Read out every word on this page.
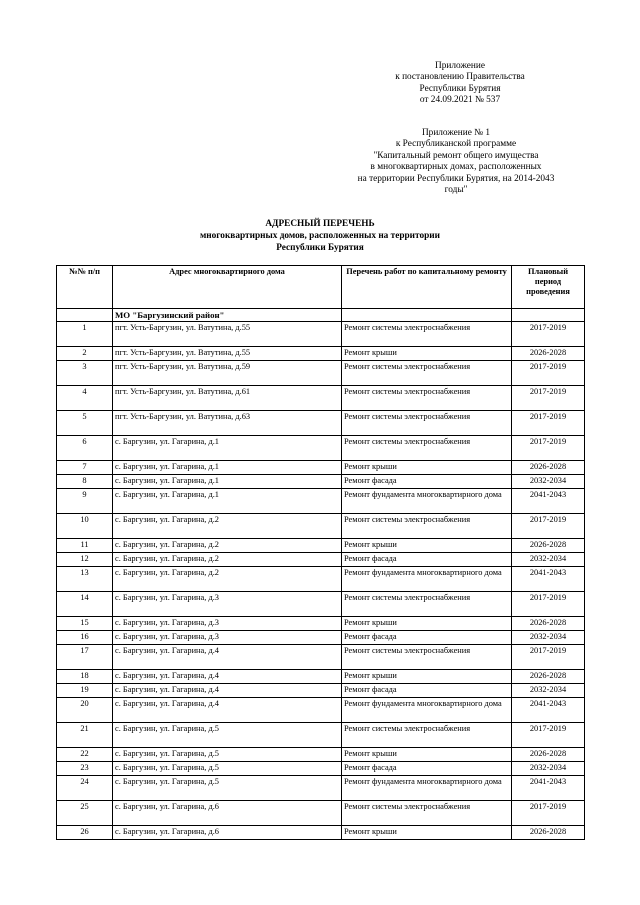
Приложение
к постановлению Правительства
Республики Бурятия
от 24.09.2021 № 537
Приложение № 1
к Республиканской программе
"Капитальный ремонт общего имущества
в многоквартирных домах, расположенных
на территории Республики Бурятия, на 2014-2043
годы"
АДРЕСНЫЙ ПЕРЕЧЕНЬ
многоквартирных домов, расположенных на территории
Республики Бурятия
№№ п/п	Адрес многоквартирного дома	Перечень работ по капитальному ремонту	Плановый период проведения
	МО "Баргузинский район"		
1	пгт. Усть-Баргузин, ул. Ватутина, д.55	Ремонт системы электроснабжения	2017-2019
2	пгт. Усть-Баргузин, ул. Ватутина, д.55	Ремонт крыши	2026-2028
3	пгт. Усть-Баргузин, ул. Ватутина, д.59	Ремонт системы электроснабжения	2017-2019
4	пгт. Усть-Баргузин, ул. Ватутина, д.61	Ремонт системы электроснабжения	2017-2019
5	пгт. Усть-Баргузин, ул. Ватутина, д.63	Ремонт системы электроснабжения	2017-2019
6	с. Баргузин, ул. Гагарина, д.1	Ремонт системы электроснабжения	2017-2019
7	с. Баргузин, ул. Гагарина, д.1	Ремонт крыши	2026-2028
8	с. Баргузин, ул. Гагарина, д.1	Ремонт фасада	2032-2034
9	с. Баргузин, ул. Гагарина, д.1	Ремонт фундамента многоквартирного дома	2041-2043
10	с. Баргузин, ул. Гагарина, д.2	Ремонт системы электроснабжения	2017-2019
11	с. Баргузин, ул. Гагарина, д.2	Ремонт крыши	2026-2028
12	с. Баргузин, ул. Гагарина, д.2	Ремонт фасада	2032-2034
13	с. Баргузин, ул. Гагарина, д.2	Ремонт фундамента многоквартирного дома	2041-2043
14	с. Баргузин, ул. Гагарина, д.3	Ремонт системы электроснабжения	2017-2019
15	с. Баргузин, ул. Гагарина, д.3	Ремонт крыши	2026-2028
16	с. Баргузин, ул. Гагарина, д.3	Ремонт фасада	2032-2034
17	с. Баргузин, ул. Гагарина, д.4	Ремонт системы электроснабжения	2017-2019
18	с. Баргузин, ул. Гагарина, д.4	Ремонт крыши	2026-2028
19	с. Баргузин, ул. Гагарина, д.4	Ремонт фасада	2032-2034
20	с. Баргузин, ул. Гагарина, д.4	Ремонт фундамента многоквартирного дома	2041-2043
21	с. Баргузин, ул. Гагарина, д.5	Ремонт системы электроснабжения	2017-2019
22	с. Баргузин, ул. Гагарина, д.5	Ремонт крыши	2026-2028
23	с. Баргузин, ул. Гагарина, д.5	Ремонт фасада	2032-2034
24	с. Баргузин, ул. Гагарина, д.5	Ремонт фундамента многоквартирного дома	2041-2043
25	с. Баргузин, ул. Гагарина, д.6	Ремонт системы электроснабжения	2017-2019
26	с. Баргузин, ул. Гагарина, д.6	Ремонт крыши	2026-2028
